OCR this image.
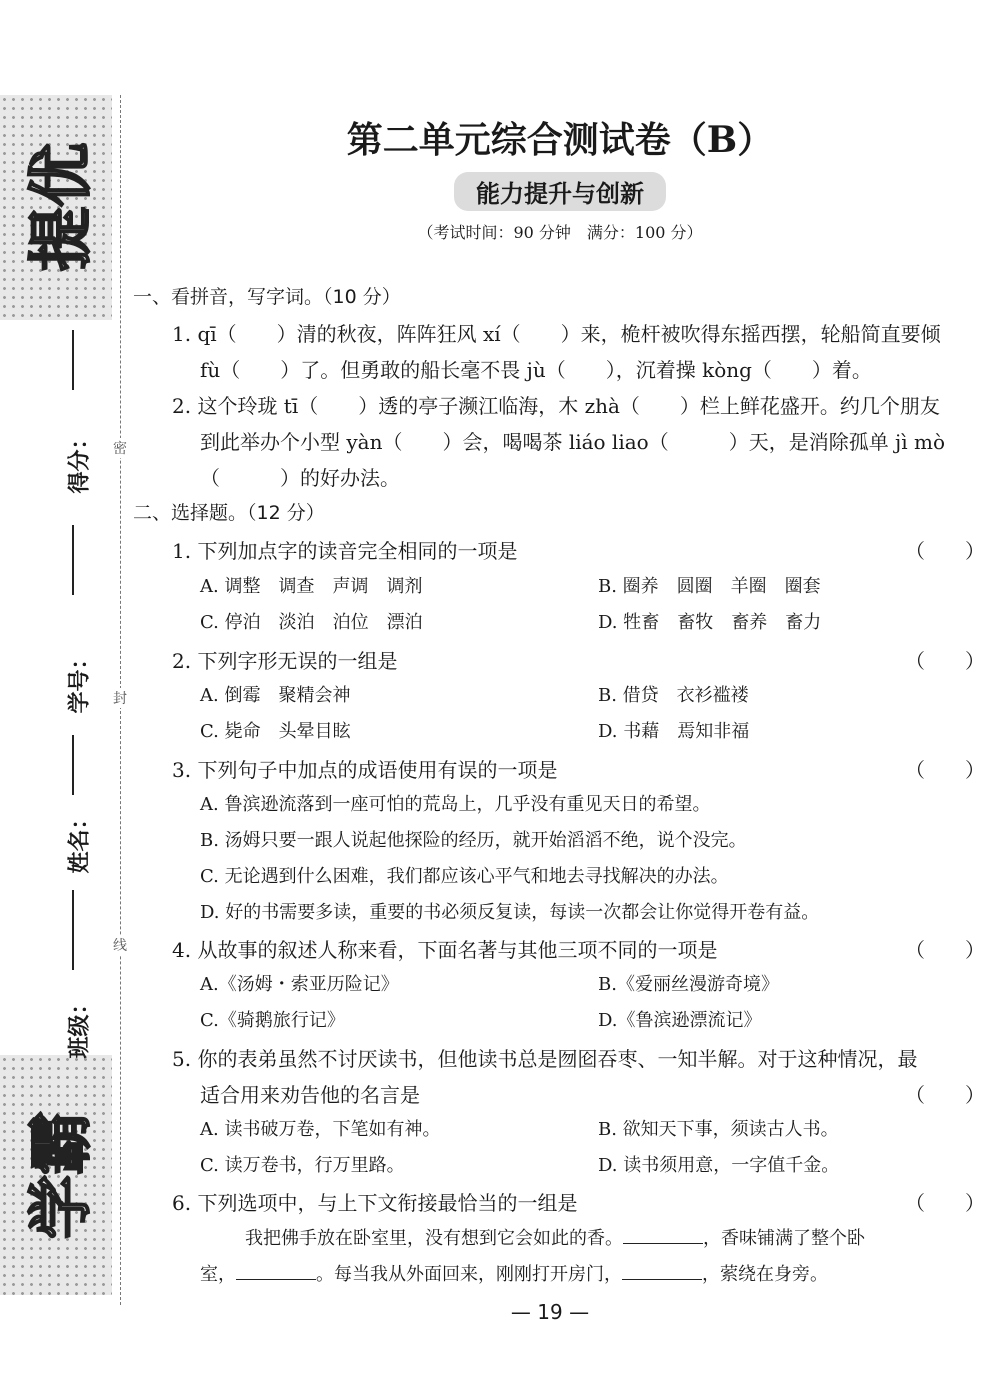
提优
学霸
得分：
学号：
姓名：
班级：
密
封
线
第二单元综合测试卷（B）
能力提升与创新
（考试时间：90 分钟　满分：100 分）
一、看拼音，写字词。（10 分）
1. qī（　　）清的秋夜，阵阵狂风 xí（　　）来，桅杆被吹得东摇西摆，轮船简直要倾
fù（　　）了。但勇敢的船长毫不畏 jù（　　），沉着操 kòng（　　）着。
2. 这个玲珑 tī（　　）透的亭子濒江临海，木 zhà（　　）栏上鲜花盛开。约几个朋友
到此举办个小型 yàn（　　）会，喝喝茶 liáo liao（　　　）天，是消除孤单 jì mò
（　　　）的好办法。
二、选择题。（12 分）
1. 下列加点字的读音完全相同的一项是	（　　）
A. 调整　调查　声调　调剂	B. 圈养　圆圈　羊圈　圈套
C. 停泊　淡泊　泊位　漂泊	D. 牲畜　畜牧　畜养　畜力
2. 下列字形无误的一组是	（　　）
A. 倒霉　聚精会神	B. 借贷　衣衫褴褛
C. 毙命　头晕目眩	D. 书藉　焉知非福
3. 下列句子中加点的成语使用有误的一项是	（　　）
A. 鲁滨逊流落到一座可怕的荒岛上，几乎没有重见天日的希望。
B. 汤姆只要一跟人说起他探险的经历，就开始滔滔不绝，说个没完。
C. 无论遇到什么困难，我们都应该心平气和地去寻找解决的办法。
D. 好的书需要多读，重要的书必须反复读，每读一次都会让你觉得开卷有益。
4. 从故事的叙述人称来看，下面名著与其他三项不同的一项是	（　　）
A.《汤姆・索亚历险记》	B.《爱丽丝漫游奇境》
C.《骑鹅旅行记》	D.《鲁滨逊漂流记》
5. 你的表弟虽然不讨厌读书，但他读书总是囫囵吞枣、一知半解。对于这种情况，最
适合用来劝告他的名言是	（　　）
A. 读书破万卷，下笔如有神。	B. 欲知天下事，须读古人书。
C. 读万卷书，行万里路。	D. 读书须用意，一字值千金。
6. 下列选项中，与上下文衔接最恰当的一组是	（　　）
我把佛手放在卧室里，没有想到它会如此的香。	，香味铺满了整个卧
室，	。每当我从外面回来，刚刚打开房门，	，萦绕在身旁。
— 19 —
